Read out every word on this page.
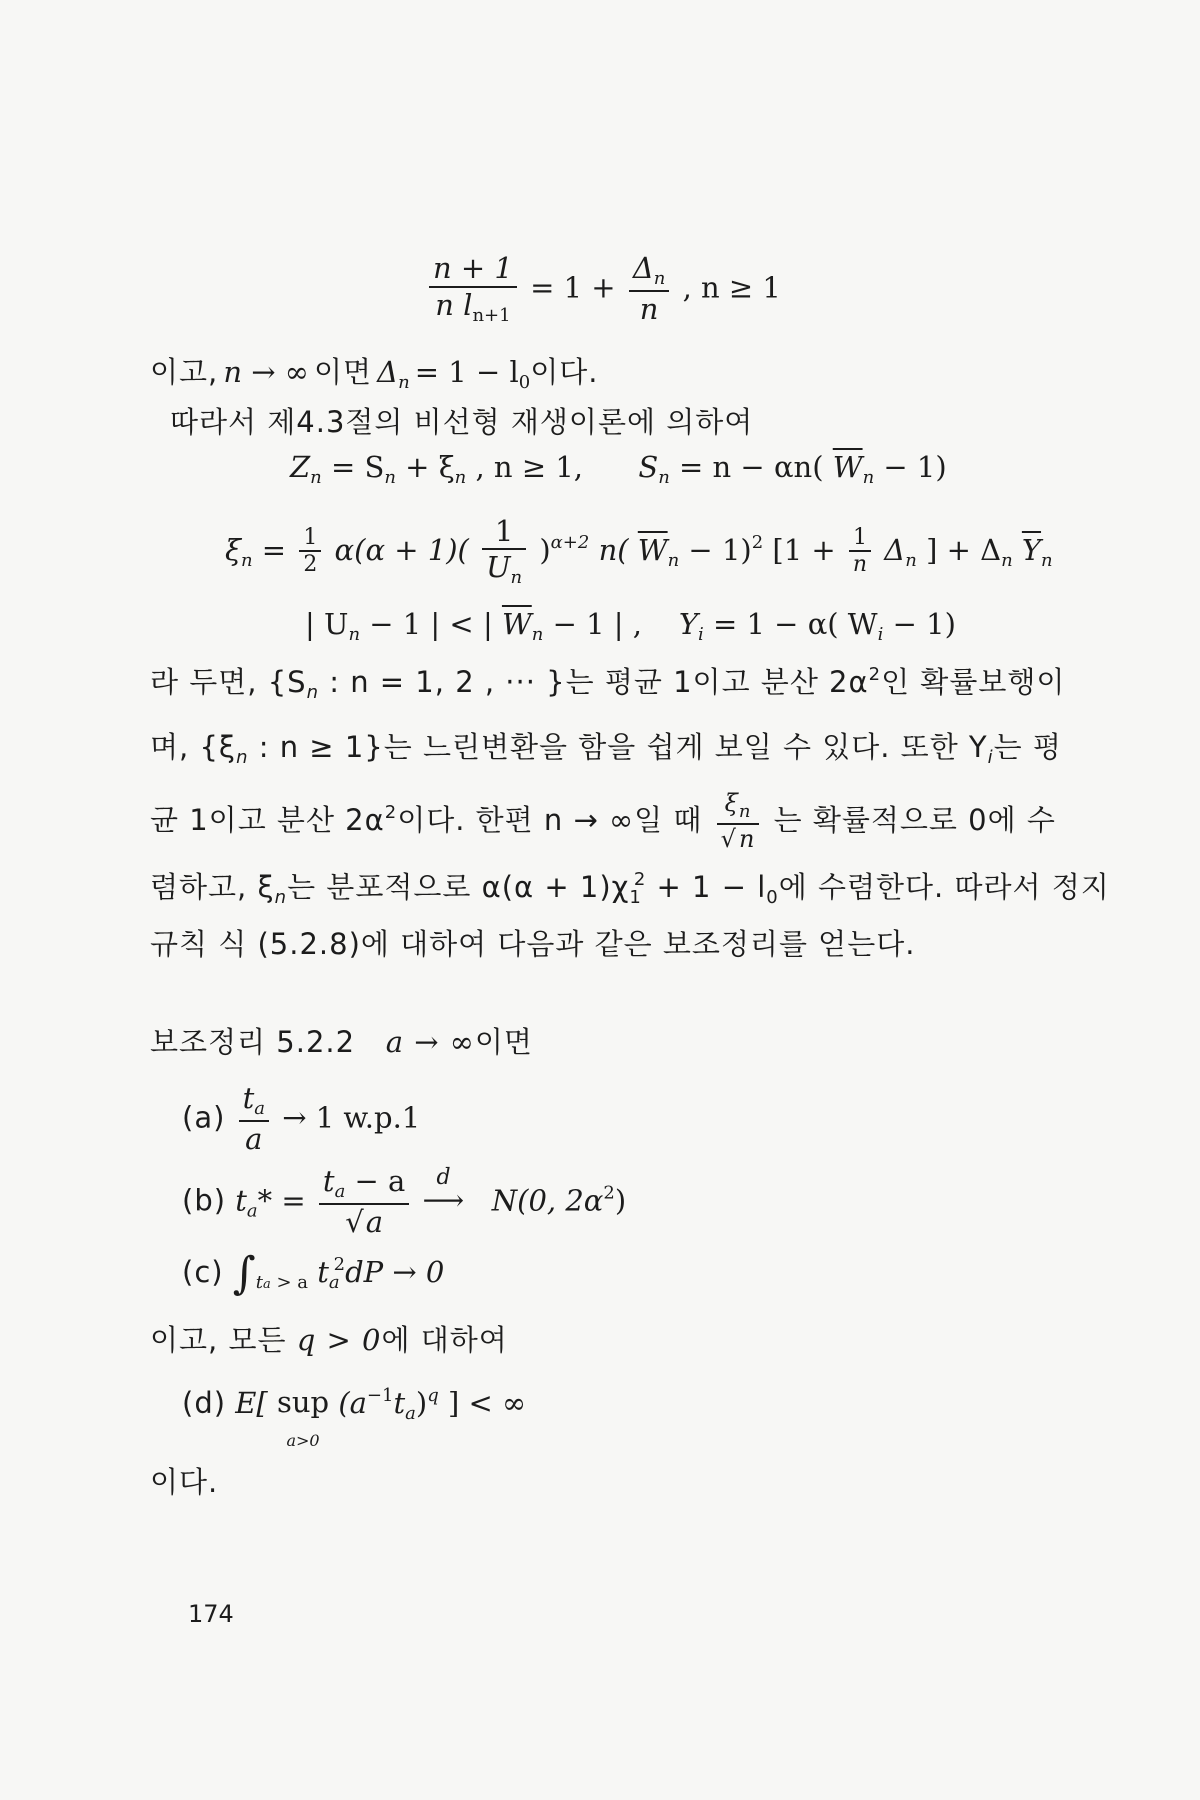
$\frac{n + 1}{n l_{n+1}} = 1 + \frac{\Delta_n}{n}$ , n ≥ 1
이고, n → ∞ 이면 Δn = 1 − l0이다.
따라서 제4.3절의 비선형 재생이론에 의하여
$Z_n = S_n + \xi_n$ , n ≥ 1, $S_n = n - \alpha n$( $\overline{W}_n - 1$)
$\xi_n = \frac{1}{2} \alpha(\alpha + 1)( \frac{1}{U_n} )^{\alpha+2}$ n( $\overline{W}_n - 1)^2$ [$1 + \frac{1}{n} \Delta_n$ ] + $\Delta_n$ $\overline{Y}_n$
| $U_n - 1$ | < | $\overline{W}_n - 1$ | , $Y_i = 1 - \alpha$( $W_i - 1$)
라 두면, {$S_n$ : n = 1, 2 , ··· }는 평균 1이고 분산 $2\alpha^2$인 확률보행이
며, {$\xi_n$ : n ≥ 1}는 느린변환을 함을 쉽게 보일 수 있다. 또한 $Y_i$는 평
균 1이고 분산 $2\alpha^2$이다. 한편 n → ∞일 때 $\frac{\xi_n}{√n}$ 는 확률적으로 0에 수
렴하고, $\xi_n$는 분포적으로 $\alpha(\alpha + 1)\chi_1^2 + 1 - l_0$에 수렴한다. 따라서 정지
규칙 식 (5.2.8)에 대하여 다음과 같은 보조정리를 얻는다.
보조정리 5.2.2 a → ∞이면
$(a) \frac{t_a}{a} \to 1$ w.p.1
(b) $t_a* = \frac{t_a - a}{√a}$
d
⟶ N(0, $2\alpha^2$)
(c) $\int_{ta > a}$ $t_a^2dP \to 0$
이고, 모든 q > 0에 대하여
(d) E[ sup
a>0 $(a^{-1}t_a)^q$ ] < ∞
이다.
174
